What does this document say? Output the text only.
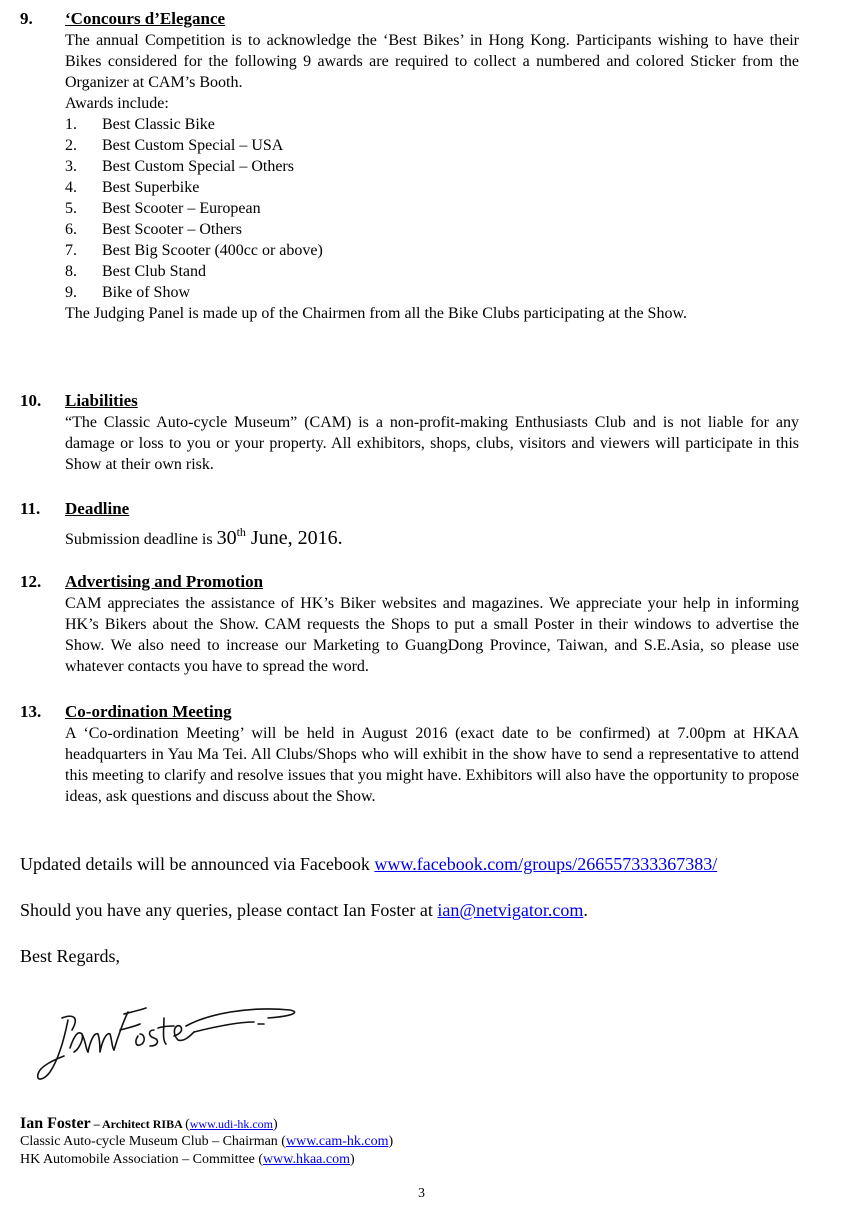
9. ‘Concours d’Elegance

The annual Competition is to acknowledge the ‘Best Bikes’ in Hong Kong. Participants wishing to have their Bikes considered for the following 9 awards are required to collect a numbered and colored Sticker from the Organizer at CAM’s Booth.

Awards include:

1. Best Classic Bike
2. Best Custom Special – USA
3. Best Custom Special – Others
4. Best Superbike
5. Best Scooter – European
6. Best Scooter – Others
7. Best Big Scooter (400cc or above)
8. Best Club Stand
9. Bike of Show

The Judging Panel is made up of the Chairmen from all the Bike Clubs participating at the Show.

10. Liabilities

“The Classic Auto-cycle Museum” (CAM) is a non-profit-making Enthusiasts Club and is not liable for any damage or loss to you or your property. All exhibitors, shops, clubs, visitors and viewers will participate in this Show at their own risk.

11. Deadline
Submission deadline is 30th June, 2016.
12. Advertising and Promotion

CAM appreciates the assistance of HK’s Biker websites and magazines. We appreciate your help in informing HK’s Bikers about the Show. CAM requests the Shops to put a small Poster in their windows to advertise the Show. We also need to increase our Marketing to GuangDong Province, Taiwan, and S.E.Asia, so please use whatever contacts you have to spread the word.

13. Co-ordination Meeting

A ‘Co-ordination Meeting’ will be held in August 2016 (exact date to be confirmed) at 7.00pm at HKAA headquarters in Yau Ma Tei. All Clubs/Shops who will exhibit in the show have to send a representative to attend this meeting to clarify and resolve issues that you might have. Exhibitors will also have the opportunity to propose ideas, ask questions and discuss about the Show.

Updated details will be announced via Facebook www.facebook.com/groups/266557333367383/
Should you have any queries, please contact Ian Foster at ian@netvigator.com.
Best Regards,
Ian Foster – Architect RIBA (www.udi-hk.com)
Classic Auto-cycle Museum Club – Chairman (www.cam-hk.com)
HK Automobile Association – Committee (www.hkaa.com)
3
